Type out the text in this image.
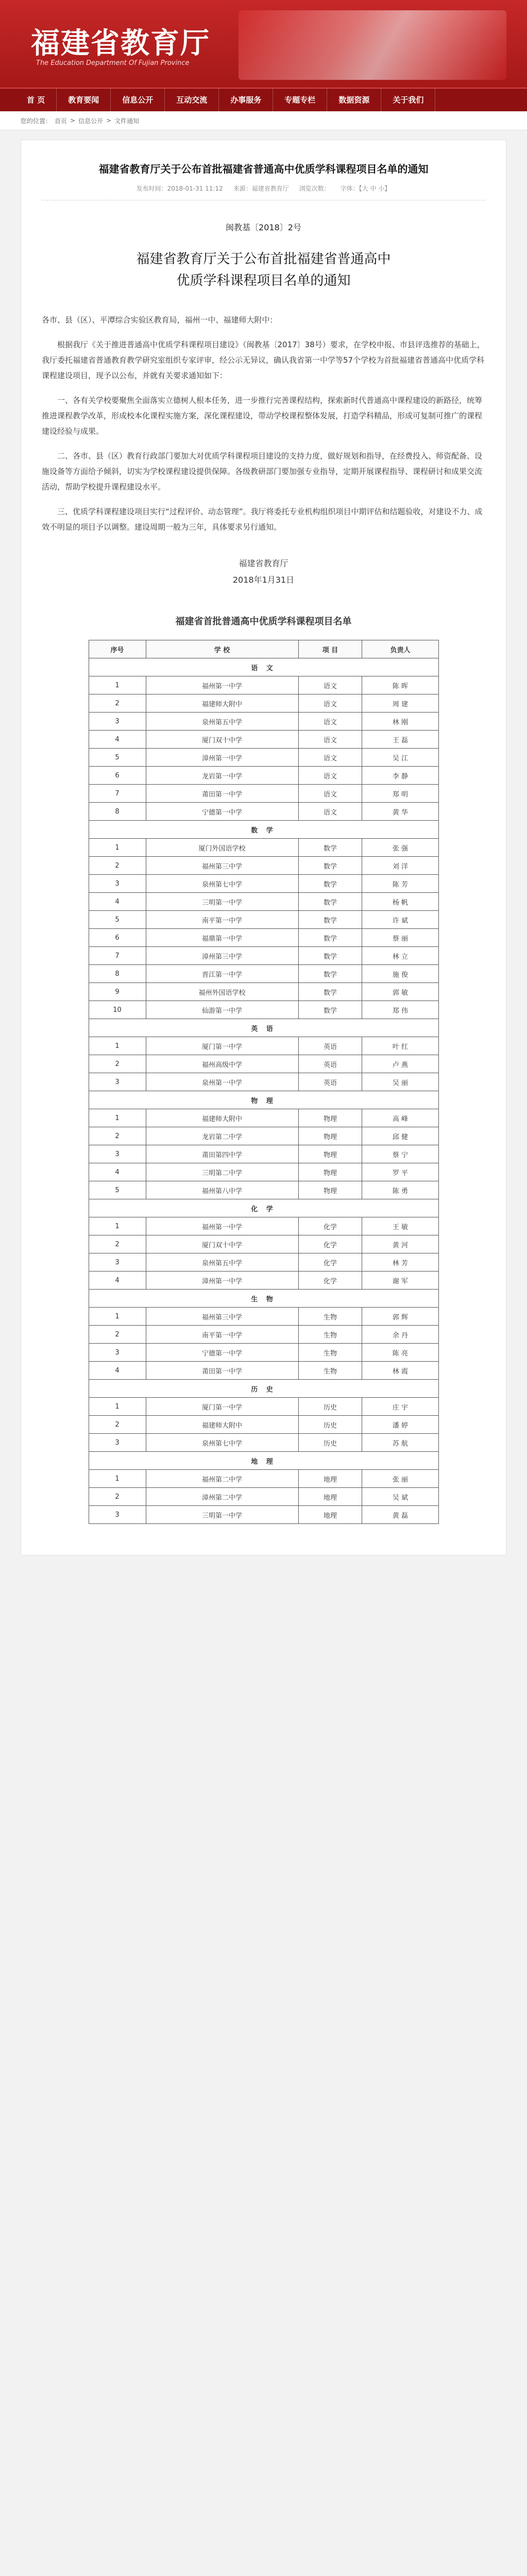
福建省教育厅
The Education Department Of Fujian Province
首 页	教育要闻	信息公开	互动交流	办事服务	专题专栏	数据资源	关于我们
您的位置： 首页 > 信息公开 > 文件通知
福建省教育厅关于公布首批福建省普通高中优质学科课程项目名单的通知
发布时间：2018-01-31 11:12 来源：福建省教育厅 浏览次数： 字体：【大 中 小】
闽教基〔2018〕2号
福建省教育厅关于公布首批福建省普通高中
优质学科课程项目名单的通知

各市、县（区）、平潭综合实验区教育局，福州一中、福建师大附中：

根据我厅《关于推进普通高中优质学科课程项目建设》（闽教基〔2017〕38号）要求，在学校申报、市县评选推荐的基础上，我厅委托福建省普通教育教学研究室组织专家评审，经公示无异议，确认我省第一中学等57个学校为首批福建省普通高中优质学科课程建设项目，现予以公布，并就有关要求通知如下：

一、各有关学校要聚焦全面落实立德树人根本任务，进一步推行完善课程结构，探索新时代普通高中课程建设的新路径，统筹推进课程教学改革，形成校本化课程实施方案，深化课程建设，带动学校课程整体发展，打造学科精品，形成可复制可推广的课程建设经验与成果。

二、各市、县（区）教育行政部门要加大对优质学科课程项目建设的支持力度，做好规划和指导，在经费投入、师资配备、设施设备等方面给予倾斜，切实为学校课程建设提供保障。各级教研部门要加强专业指导，定期开展课程指导、课程研讨和成果交流活动，帮助学校提升课程建设水平。

三、优质学科课程建设项目实行“过程评价、动态管理”。我厅将委托专业机构组织项目中期评估和结题验收，对建设不力、成效不明显的项目予以调整。建设周期一般为三年，具体要求另行通知。

福建省教育厅
2018年1月31日
福建省首批普通高中优质学科课程项目名单
序号	学 校	项 目	负责人
语 文			
1	福州第一中学	语文	陈 晖
2	福建师大附中	语文	周 建
3	泉州第五中学	语文	林 刚
4	厦门双十中学	语文	王 磊
5	漳州第一中学	语文	吴 江
6	龙岩第一中学	语文	李 静
7	莆田第一中学	语文	郑 明
8	宁德第一中学	语文	黄 华
数 学			
1	厦门外国语学校	数学	张 强
2	福州第三中学	数学	刘 洋
3	泉州第七中学	数学	陈 芳
4	三明第一中学	数学	杨 帆
5	南平第一中学	数学	许 斌
6	福鼎第一中学	数学	蔡 丽
7	漳州第三中学	数学	林 立
8	晋江第一中学	数学	施 俊
9	福州外国语学校	数学	郭 敏
10	仙游第一中学	数学	郑 伟
英 语			
1	厦门第一中学	英语	叶 红
2	福州高级中学	英语	卢 燕
3	泉州第一中学	英语	吴 丽
物 理			
1	福建师大附中	物理	高 峰
2	龙岩第二中学	物理	邱 健
3	莆田第四中学	物理	蔡 宁
4	三明第二中学	物理	罗 平
5	福州第八中学	物理	陈 勇
化 学			
1	福州第一中学	化学	王 敏
2	厦门双十中学	化学	黄 河
3	泉州第五中学	化学	林 芳
4	漳州第一中学	化学	谢 军
生 物			
1	福州第三中学	生物	郭 辉
2	南平第一中学	生物	余 丹
3	宁德第一中学	生物	陈 亮
4	莆田第一中学	生物	林 霞
历 史			
1	厦门第一中学	历史	庄 宇
2	福建师大附中	历史	潘 婷
3	泉州第七中学	历史	苏 航
地 理			
1	福州第二中学	地理	张 丽
2	漳州第二中学	地理	吴 斌
3	三明第一中学	地理	黄 磊
